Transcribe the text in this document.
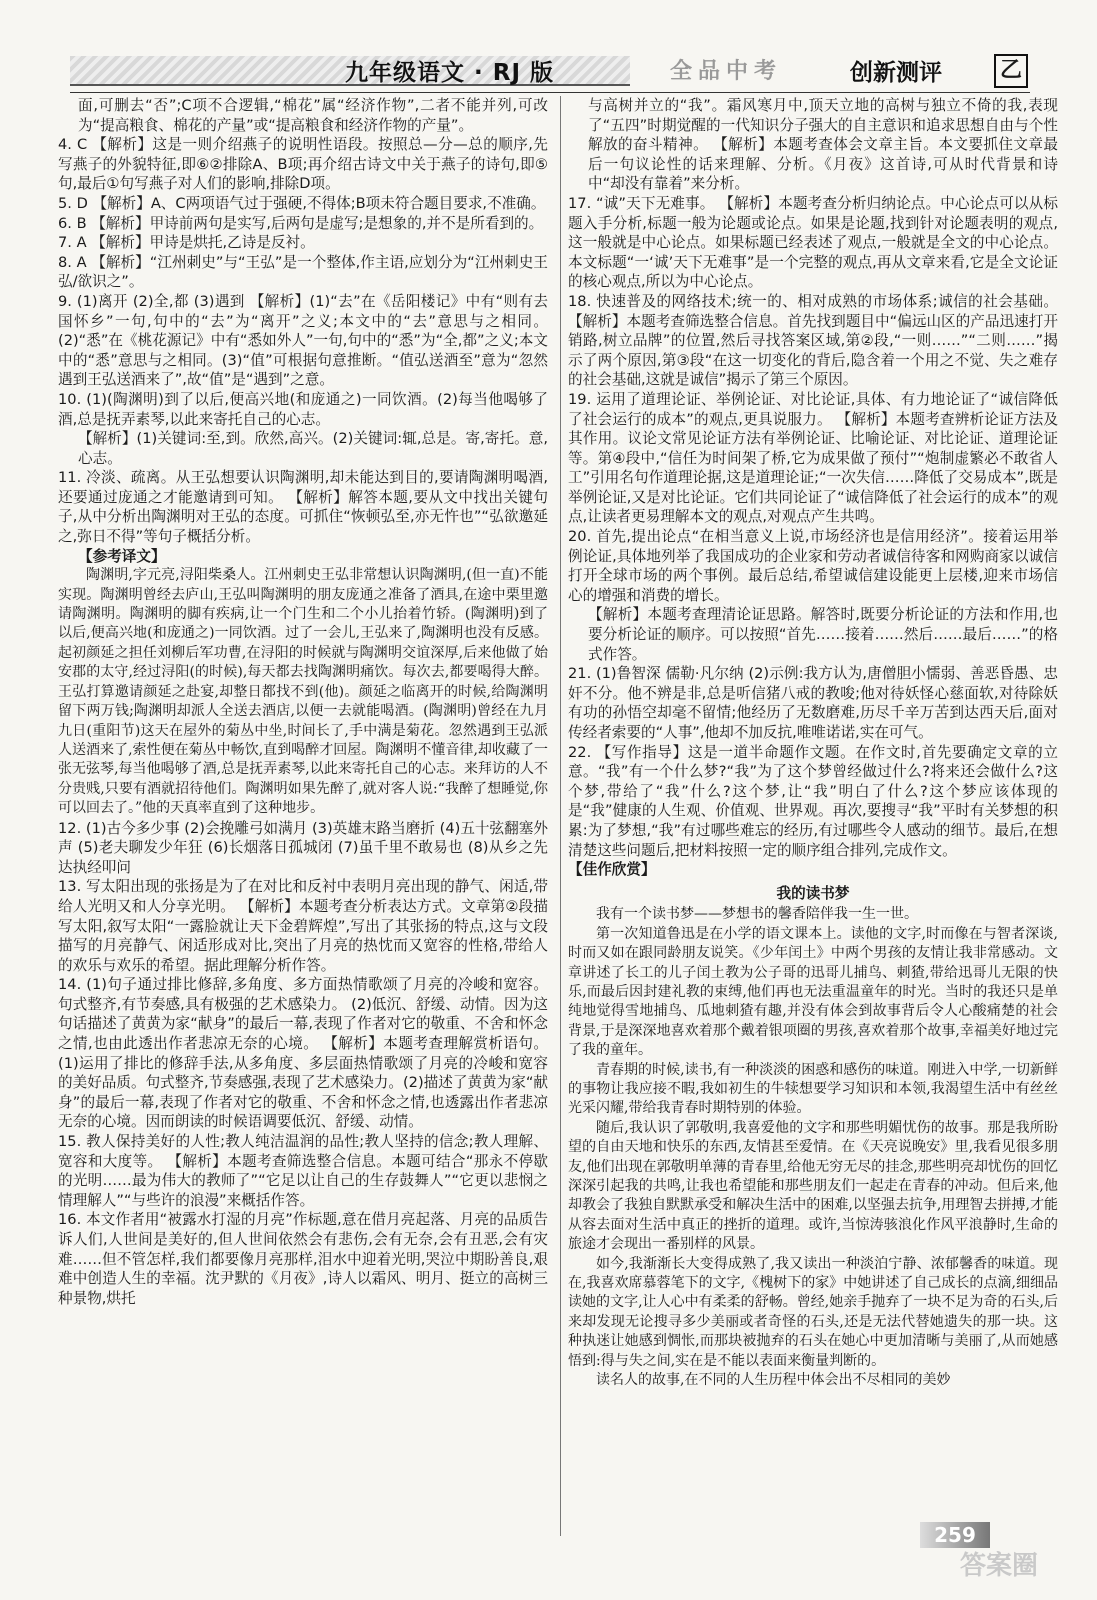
九年级语文 · RJ 版	全品中考	创新测评	乙

面,可删去“否”;C项不合逻辑,“棉花”属“经济作物”,二者不能并列,可改为“提高粮食、棉花的产量”或“提高粮食和经济作物的产量”。

4. C 【解析】这是一则介绍燕子的说明性语段。按照总—分—总的顺序,先写燕子的外貌特征,即⑥②排除A、B项;再介绍古诗文中关于燕子的诗句,即⑤句,最后①句写燕子对人们的影响,排除D项。

5. D 【解析】A、C两项语气过于强硬,不得体;B项未符合题目要求,不准确。

6. B 【解析】甲诗前两句是实写,后两句是虚写;是想象的,并不是所看到的。

7. A 【解析】甲诗是烘托,乙诗是反衬。

8. A 【解析】“江州刺史”与“王弘”是一个整体,作主语,应划分为“江州刺史王弘/欲识之”。

9. (1)离开 (2)全,都 (3)遇到 【解析】(1)“去”在《岳阳楼记》中有“则有去国怀乡”一句,句中的“去”为“离开”之义;本文中的“去”意思与之相同。(2)“悉”在《桃花源记》中有“悉如外人”一句,句中的“悉”为“全,都”之义;本文中的“悉”意思与之相同。(3)“值”可根据句意推断。“值弘送酒至”意为“忽然遇到王弘送酒来了”,故“值”是“遇到”之意。

10. (1)(陶渊明)到了以后,便高兴地(和庞通之)一同饮酒。(2)每当他喝够了酒,总是抚弄素琴,以此来寄托自己的心志。

【解析】(1)关键词:至,到。欣然,高兴。(2)关键词:辄,总是。寄,寄托。意,心志。

11. 冷淡、疏离。从王弘想要认识陶渊明,却未能达到目的,要请陶渊明喝酒,还要通过庞通之才能邀请到可知。 【解析】解答本题,要从文中找出关键句子,从中分析出陶渊明对王弘的态度。可抓住“恢顿弘至,亦无忤也”“弘欲邀延之,弥日不得”等句子概括分析。

【参考译文】

陶渊明,字元亮,浔阳柴桑人。江州刺史王弘非常想认识陶渊明,(但一直)不能实现。陶渊明曾经去庐山,王弘叫陶渊明的朋友庞通之准备了酒具,在途中栗里邀请陶渊明。陶渊明的脚有疾病,让一个门生和二个小儿抬着竹轿。(陶渊明)到了以后,便高兴地(和庞通之)一同饮酒。过了一会儿,王弘来了,陶渊明也没有反感。起初颜延之担任刘柳后军功曹,在浔阳的时候就与陶渊明交谊深厚,后来他做了始安郡的太守,经过浔阳(的时候),每天都去找陶渊明痛饮。每次去,都要喝得大醉。王弘打算邀请颜延之赴宴,却整日都找不到(他)。颜延之临离开的时候,给陶渊明留下两万钱;陶渊明却派人全送去酒店,以便一去就能喝酒。(陶渊明)曾经在九月九日(重阳节)这天在屋外的菊丛中坐,时间长了,手中满是菊花。忽然遇到王弘派人送酒来了,索性便在菊丛中畅饮,直到喝醉才回屋。陶渊明不懂音律,却收藏了一张无弦琴,每当他喝够了酒,总是抚弄素琴,以此来寄托自己的心志。来拜访的人不分贵贱,只要有酒就招待他们。陶渊明如果先醉了,就对客人说:“我醉了想睡觉,你可以回去了。”他的天真率直到了这种地步。

12. (1)古今多少事 (2)会挽雕弓如满月 (3)英雄末路当磨折 (4)五十弦翻塞外声 (5)老夫聊发少年狂 (6)长烟落日孤城闭 (7)虽千里不敢易也 (8)从乡之先达执经叩问

13. 写太阳出现的张扬是为了在对比和反衬中表明月亮出现的静气、闲适,带给人光明又和人分享光明。 【解析】本题考查分析表达方式。文章第②段描写太阳,叙写太阳“一露脸就让天下金碧辉煌”,写出了其张扬的特点,这与文段描写的月亮静气、闲适形成对比,突出了月亮的热忱而又宽容的性格,带给人的欢乐与欢乐的希望。据此理解分析作答。

14. (1)句子通过排比修辞,多角度、多方面热情歌颂了月亮的冷峻和宽容。句式整齐,有节奏感,具有极强的艺术感染力。 (2)低沉、舒缓、动情。因为这句话描述了黄黄为家“献身”的最后一幕,表现了作者对它的敬重、不舍和怀念之情,也由此透出作者悲凉无奈的心境。 【解析】本题考查理解赏析语句。(1)运用了排比的修辞手法,从多角度、多层面热情歌颂了月亮的冷峻和宽容的美好品质。句式整齐,节奏感强,表现了艺术感染力。(2)描述了黄黄为家“献身”的最后一幕,表现了作者对它的敬重、不舍和怀念之情,也透露出作者悲凉无奈的心境。因而朗读的时候语调要低沉、舒缓、动情。

15. 教人保持美好的人性;教人纯洁温润的品性;教人坚持的信念;教人理解、宽容和大度等。 【解析】本题考查筛选整合信息。本题可结合“那永不停歇的光明……最为伟大的教师了”“它足以让自己的生存鼓舞人”“它更以悲悯之情理解人”“与些许的浪漫”来概括作答。

16. 本文作者用“被露水打湿的月亮”作标题,意在借月亮起落、月亮的品质告诉人们,人世间是美好的,但人世间依然会有悲伤,会有无奈,会有丑恶,会有灾难……但不管怎样,我们都要像月亮那样,泪水中迎着光明,哭泣中期盼善良,艰难中创造人生的幸福。沈尹默的《月夜》,诗人以霜风、明月、挺立的高树三种景物,烘托

与高树并立的“我”。霜风寒月中,顶天立地的高树与独立不倚的我,表现了“五四”时期觉醒的一代知识分子强大的自主意识和追求思想自由与个性解放的奋斗精神。 【解析】本题考查体会文章主旨。本文要抓住文章最后一句议论性的话来理解、分析。《月夜》这首诗,可从时代背景和诗中“却没有靠着”来分析。

17. “诚”天下无难事。 【解析】本题考查分析归纳论点。中心论点可以从标题入手分析,标题一般为论题或论点。如果是论题,找到针对论题表明的观点,这一般就是中心论点。如果标题已经表述了观点,一般就是全文的中心论点。本文标题“一‘诚’天下无难事”是一个完整的观点,再从文章来看,它是全文论证的核心观点,所以为中心论点。

18. 快速普及的网络技术;统一的、相对成熟的市场体系;诚信的社会基础。 【解析】本题考查筛选整合信息。首先找到题目中“偏远山区的产品迅速打开销路,树立品牌”的位置,然后寻找答案区域,第②段,“一则……”“二则……”揭示了两个原因,第③段“在这一切变化的背后,隐含着一个用之不觉、失之难存的社会基础,这就是诚信”揭示了第三个原因。

19. 运用了道理论证、举例论证、对比论证,具体、有力地论证了“诚信降低了社会运行的成本”的观点,更具说服力。 【解析】本题考查辨析论证方法及其作用。议论文常见论证方法有举例论证、比喻论证、对比论证、道理论证等。第④段中,“信任为时间架了桥,它为成果做了预付”“炮制虚繁必不敢省人工”引用名句作道理论据,这是道理论证;“一次失信……降低了交易成本”,既是举例论证,又是对比论证。它们共同论证了“诚信降低了社会运行的成本”的观点,让读者更易理解本文的观点,对观点产生共鸣。

20. 首先,提出论点“在相当意义上说,市场经济也是信用经济”。接着运用举例论证,具体地列举了我国成功的企业家和劳动者诚信待客和网购商家以诚信打开全球市场的两个事例。最后总结,希望诚信建设能更上层楼,迎来市场信心的增强和消费的增长。

【解析】本题考查理清论证思路。解答时,既要分析论证的方法和作用,也要分析论证的顺序。可以按照“首先……接着……然后……最后……”的格式作答。

21. (1)鲁智深 儒勒·凡尔纳 (2)示例:我方认为,唐僧胆小懦弱、善恶昏愚、忠奸不分。他不辨是非,总是听信猪八戒的教唆;他对待妖怪心慈面软,对待除妖有功的孙悟空却毫不留情;他经历了无数磨难,历尽千辛万苦到达西天后,面对传经者索要的“人事”,他却不加反抗,唯唯诺诺,实在可气。

22. 【写作指导】这是一道半命题作文题。在作文时,首先要确定文章的立意。“我”有一个什么梦?“我”为了这个梦曾经做过什么?将来还会做什么?这个梦,带给了“我”什么?这个梦,让“我”明白了什么?这个梦应该体现的是“我”健康的人生观、价值观、世界观。再次,要搜寻“我”平时有关梦想的积累:为了梦想,“我”有过哪些难忘的经历,有过哪些令人感动的细节。最后,在想清楚这些问题后,把材料按照一定的顺序组合排列,完成作文。

【佳作欣赏】

我的读书梦

我有一个读书梦——梦想书的馨香陪伴我一生一世。

第一次知道鲁迅是在小学的语文课本上。读他的文字,时而像在与智者深谈,时而又如在跟同龄朋友说笑。《少年闰土》中两个男孩的友情让我非常感动。文章讲述了长工的儿子闰土教为公子哥的迅哥儿捕鸟、刺猹,带给迅哥儿无限的快乐,而最后因封建礼教的束缚,他们再也无法重温童年的时光。当时的我还只是单纯地觉得雪地捕鸟、瓜地刺猹有趣,并没有体会到故事背后令人心酸痛楚的社会背景,于是深深地喜欢着那个戴着银项圈的男孩,喜欢着那个故事,幸福美好地过完了我的童年。

青春期的时候,读书,有一种淡淡的困惑和感伤的味道。刚进入中学,一切新鲜的事物让我应接不暇,我如初生的牛犊想要学习知识和本领,我渴望生活中有丝丝光采闪耀,带给我青春时期特别的体验。

随后,我认识了郭敬明,我喜爱他的文字和那些明媚忧伤的故事。那是我所盼望的自由天地和快乐的东西,友情甚至爱情。在《天亮说晚安》里,我看见很多朋友,他们出现在郭敬明单薄的青春里,给他无穷无尽的挂念,那些明亮却忧伤的回忆深深引起我的共鸣,让我也希望能和那些朋友们一起走在青春的冲动。但后来,他却教会了我独自默默承受和解决生活中的困难,以坚强去抗争,用理智去拼搏,才能从容去面对生活中真正的挫折的道理。或许,当惊涛骇浪化作风平浪静时,生命的旅途才会现出一番别样的风景。

如今,我渐渐长大变得成熟了,我又读出一种淡泊宁静、浓郁馨香的味道。现在,我喜欢席慕蓉笔下的文字,《槐树下的家》中她讲述了自己成长的点滴,细细品读她的文字,让人心中有柔柔的舒畅。曾经,她亲手抛弃了一块不足为奇的石头,后来却发现无论搜寻多少美丽或者奇怪的石头,还是无法代替她遗失的那一块。这种执迷让她感到惆怅,而那块被抛弃的石头在她心中更加清晰与美丽了,从而她感悟到:得与失之间,实在是不能以表面来衡量判断的。

读名人的故事,在不同的人生历程中体会出不尽相同的美妙

259
答案圈
